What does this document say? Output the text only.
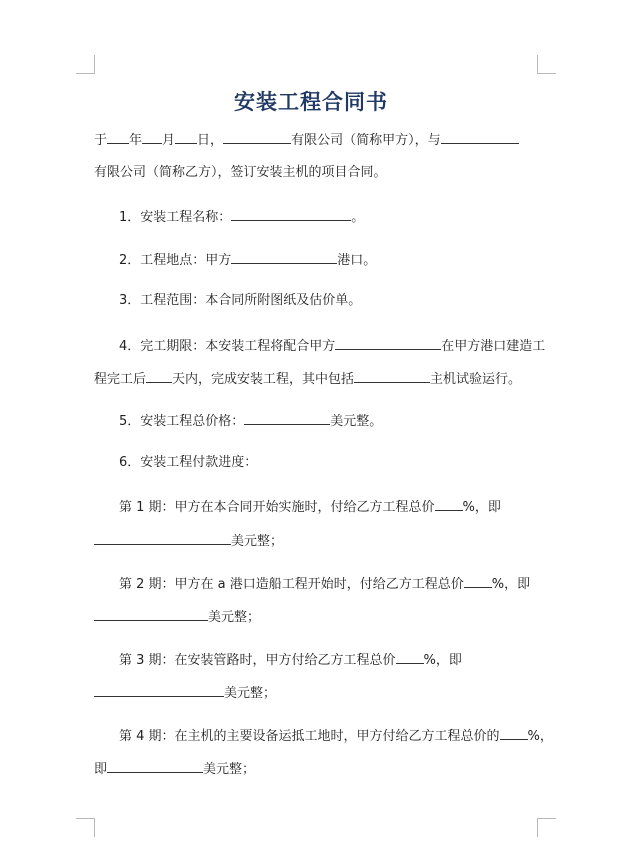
安装工程合同书
于 年 月 日，	有限公司（简称甲方），与
有限公司（简称乙方），签订安装主机的项目合同。
1．安装工程名称：	。
2．工程地点：甲方	港口。
3．工程范围：本合同所附图纸及估价单。
4．完工期限：本安装工程将配合甲方	在甲方港口建造工
程完工后 天内，完成安装工程，其中包括	主机试验运行。
5．安装工程总价格：	美元整。
6．安装工程付款进度：
第 1 期：甲方在本合同开始实施时，付给乙方工程总价 %，即
美元整；
第 2 期：甲方在 a 港口造船工程开始时，付给乙方工程总价 %，即
美元整；
第 3 期：在安装管路时，甲方付给乙方工程总价 %，即
美元整；
第 4 期：在主机的主要设备运抵工地时，甲方付给乙方工程总价的 %，
即	美元整；
